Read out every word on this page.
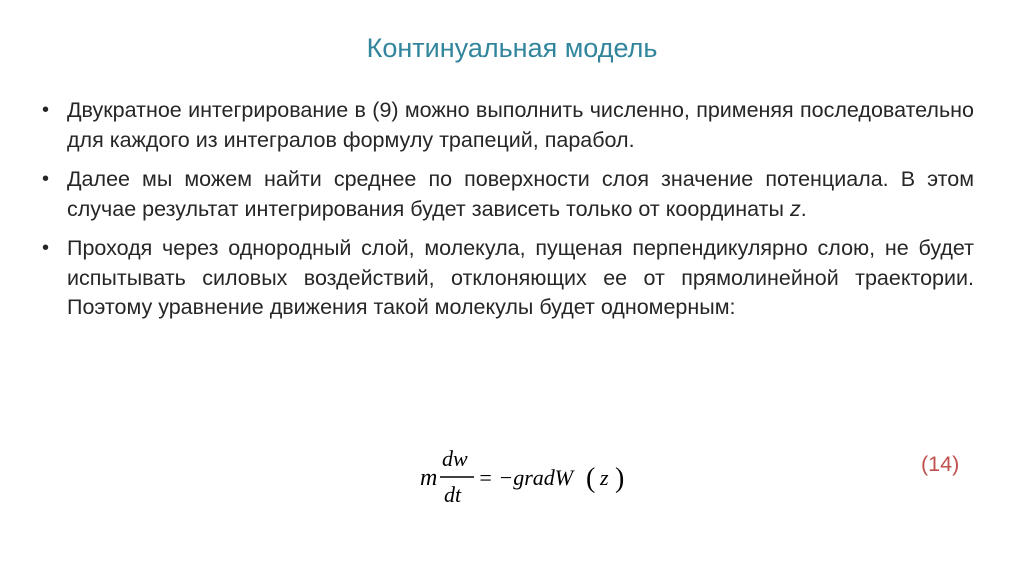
Континуальная модель
• Двукратное интегрирование в (9) можно выполнить численно, применяя последовательно для каждого из интегралов формулу трапеций, парабол.
• Далее мы можем найти среднее по поверхности слоя значение потенциала. В этом случае результат интегрирования будет зависеть только от координаты z.
• Проходя через однородный слой, молекула, пущеная перпендикулярно слою, не будет испытывать силовых воздействий, отклоняющих ее от прямолинейной траектории. Поэтому уравнение движения такой молекулы будет одномерным:
m
dw
dt
= −gradW ( z )	(14)
